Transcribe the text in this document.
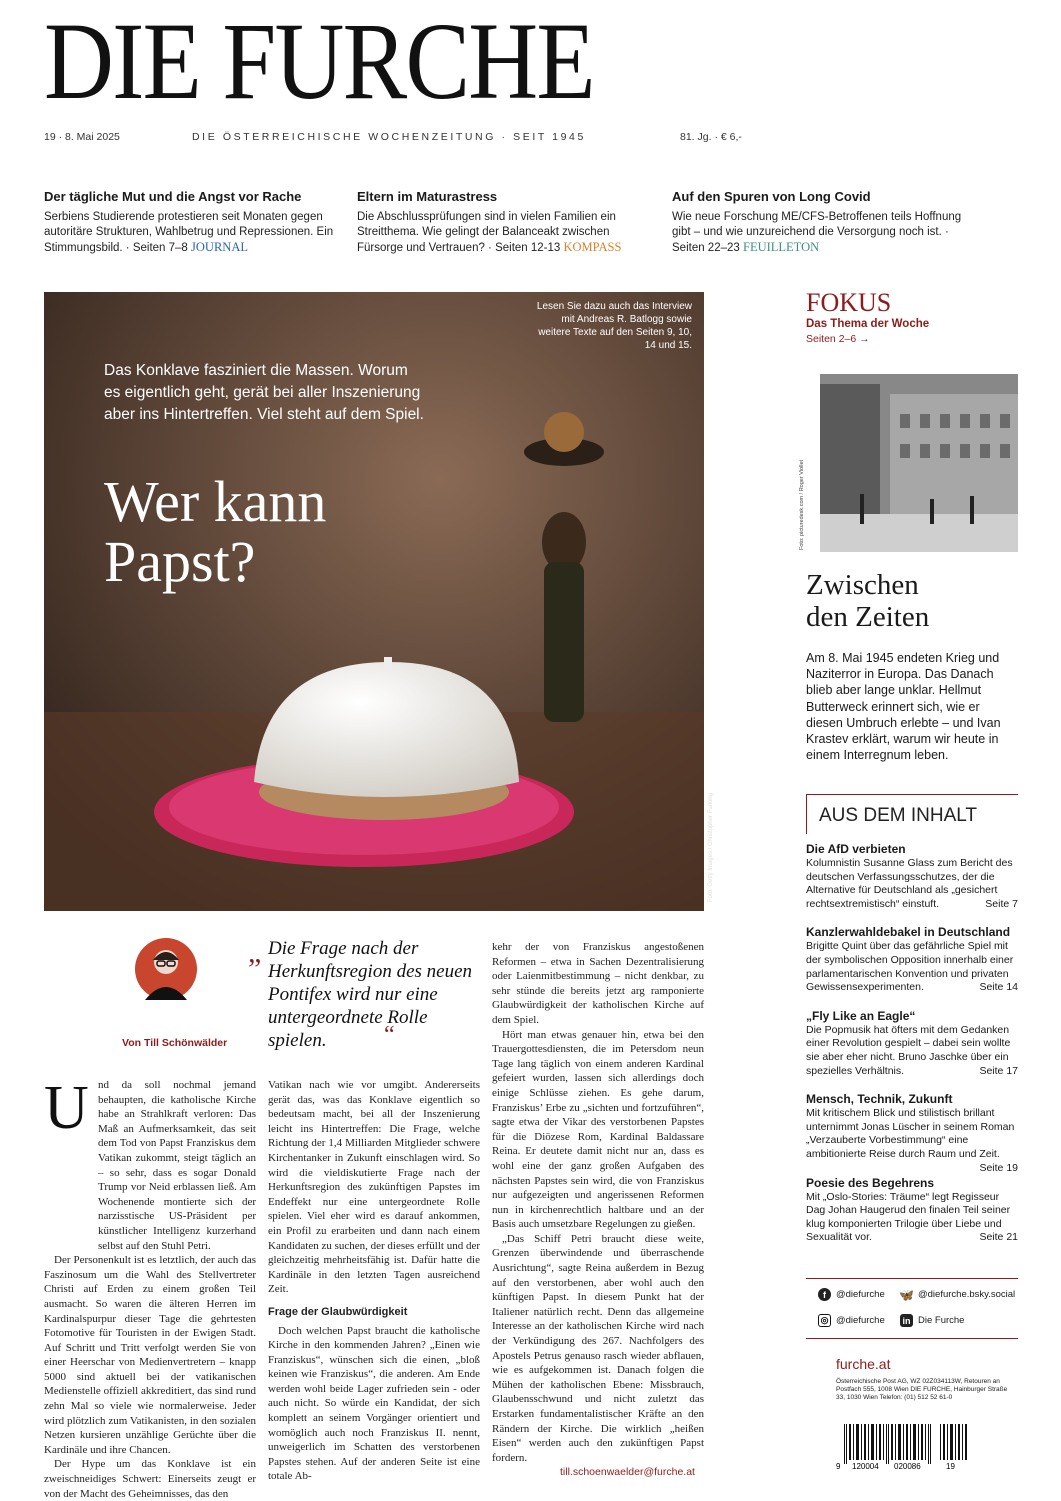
DIE FURCHE
19 · 8. Mai 2025	DIE ÖSTERREICHISCHE WOCHENZEITUNG · SEIT 1945	81. Jg. · € 6,-
Der tägliche Mut und die Angst vor Rache

Serbiens Studierende protestieren seit Monaten gegen autoritäre Strukturen, Wahlbetrug und Repressionen. Ein Stimmungsbild. · Seiten 7–8 JOURNAL

Eltern im Maturastress

Die Abschlussprüfungen sind in vielen Familien ein Streitthema. Wie gelingt der Balanceakt zwischen Fürsorge und Vertrauen? · Seiten 12-13 KOMPASS

Auf den Spuren von Long Covid

Wie neue Forschung ME/CFS-Betroffenen teils Hoffnung gibt – und wie unzureichend die Versorgung noch ist. · Seiten 22–23 FEUILLETON

Lesen Sie dazu auch das Interview mit Andreas R. Batlogg sowie weitere Texte auf den Seiten 9, 10, 14 und 15.
Das Konklave fasziniert die Massen. Worum es eigentlich geht, gerät bei aller Inszenierung aber ins Hintertreffen. Viel steht auf dem Spiel.
Wer kann
Papst?
Foto: Getty Images / Christopher Furlong
Von Till Schönwälder
„ Die Frage nach der Herkunftsregion des neuen Pontifex wird nur eine untergeordnete Rolle spielen.	“
U nd da soll nochmal jemand behaupten, die katholische Kirche habe an Strahlkraft verloren: Das Maß an Aufmerksamkeit, das seit dem Tod von Papst Franziskus dem Vatikan zukommt, steigt täglich an – so sehr, dass es sogar Donald Trump vor Neid erblassen ließ. Am Wochenende montierte sich der narzisstische US-Präsident per künstlicher Intelligenz kurzerhand selbst auf den Stuhl Petri.

Der Personenkult ist es letztlich, der auch das Faszinosum um die Wahl des Stellvertreter Christi auf Erden zu einem großen Teil ausmacht. So waren die älteren Herren im Kardinalspurpur dieser Tage die gehrtesten Fotomotive für Touristen in der Ewigen Stadt. Auf Schritt und Tritt verfolgt werden Sie von einer Heerschar von Medienvertretern – knapp 5000 sind aktuell bei der vatikanischen Medienstelle offiziell akkreditiert, das sind rund zehn Mal so viele wie normalerweise. Jeder wird plötzlich zum Vatikanisten, in den sozialen Netzen kursieren unzählige Gerüchte über die Kardinäle und ihre Chancen.

Der Hype um das Konklave ist ein zweischneidiges Schwert: Einerseits zeugt er von der Macht des Geheimnisses, das den

Vatikan nach wie vor umgibt. Andererseits gerät das, was das Konklave eigentlich so bedeutsam macht, bei all der Inszenierung leicht ins Hintertreffen: Die Frage, welche Richtung der 1,4 Milliarden Mitglieder schwere Kirchentanker in Zukunft einschlagen wird. So wird die vieldiskutierte Frage nach der Herkunftsregion des zukünftigen Papstes im Endeffekt nur eine untergeordnete Rolle spielen. Viel eher wird es darauf ankommen, ein Profil zu erarbeiten und dann nach einem Kandidaten zu suchen, der dieses erfüllt und der gleichzeitig mehrheitsfähig ist. Dafür hatte die Kardinäle in den letzten Tagen ausreichend Zeit.

Frage der Glaubwürdigkeit

Doch welchen Papst braucht die katholische Kirche in den kommenden Jahren? „Einen wie Franziskus“, wünschen sich die einen, „bloß keinen wie Franziskus“, die anderen. Am Ende werden wohl beide Lager zufrieden sein - oder auch nicht. So würde ein Kandidat, der sich komplett an seinem Vorgänger orientiert und womöglich auch noch Franziskus II. nennt, unweigerlich im Schatten des verstorbenen Papstes stehen. Auf der anderen Seite ist eine totale Ab-

kehr der von Franziskus angestoßenen Reformen – etwa in Sachen Dezentralisierung oder Laienmitbestimmung – nicht denkbar, zu sehr stünde die bereits jetzt arg ramponierte Glaubwürdigkeit der katholischen Kirche auf dem Spiel.

Hört man etwas genauer hin, etwa bei den Trauergottesdiensten, die im Petersdom neun Tage lang täglich von einem anderen Kardinal gefeiert wurden, lassen sich allerdings doch einige Schlüsse ziehen. Es gehe darum, Franziskus’ Erbe zu „sichten und fortzuführen“, sagte etwa der Vikar des verstorbenen Papstes für die Diözese Rom, Kardinal Baldassare Reina. Er deutete damit nicht nur an, dass es wohl eine der ganz großen Aufgaben des nächsten Papstes sein wird, die von Franziskus nur aufgezeigten und angerissenen Reformen nun in kirchenrechtlich haltbare und an der Basis auch umsetzbare Regelungen zu gießen.

„Das Schiff Petri braucht diese weite, Grenzen überwindende und überraschende Ausrichtung“, sagte Reina außerdem in Bezug auf den verstorbenen, aber wohl auch den künftigen Papst. In diesem Punkt hat der Italiener natürlich recht. Denn das allgemeine Interesse an der katholischen Kirche wird nach der Verkündigung des 267. Nachfolgers des Apostels Petrus genauso rasch wieder abflauen, wie es aufgekommen ist. Danach folgen die Mühen der katholischen Ebene: Missbrauch, Glaubensschwund und nicht zuletzt das Erstarken fundamentalistischer Kräfte an den Rändern der Kirche. Die wirklich „heißen Eisen“ werden auch den zukünftigen Papst fordern.

till.schoenwaelder@furche.at
FOKUS
Das Thema der Woche
Seiten 2–6 →
Foto: picturedesk.com / Roger Viollet
Zwischen
den Zeiten
Am 8. Mai 1945 endeten Krieg und Naziterror in Europa. Das Danach blieb aber lange unklar. Hellmut Butterweck erinnert sich, wie er diesen Umbruch erlebte – und Ivan Krastev erklärt, warum wir heute in einem Interregnum leben.
AUS DEM INHALT
Die AfD verbieten

Kolumnistin Susanne Glass zum Bericht des deutschen Verfassungsschutzes, der die Alternative für Deutschland als „gesichert rechtsextremistisch“ einstuft.	Seite 7

Kanzlerwahldebakel in Deutschland

Brigitte Quint über das gefährliche Spiel mit der symbolischen Opposition innerhalb einer parlamentarischen Konvention und privaten Gewissensexperimenten.	Seite 14

„Fly Like an Eagle“

Die Popmusik hat öfters mit dem Gedanken einer Revolution gespielt – dabei sein wollte sie aber eher nicht. Bruno Jaschke über ein spezielles Verhältnis.	Seite 17

Mensch, Technik, Zukunft

Mit kritischem Blick und stilistisch brillant unternimmt Jonas Lüscher in seinem Roman „Verzauberte Vorbestimmung“ eine ambitionierte Reise durch Raum und Zeit.
Seite 19

Poesie des Begehrens

Mit „Oslo-Stories: Träume“ legt Regisseur Dag Johan Haugerud den finalen Teil seiner klug komponierten Trilogie über Liebe und Sexualität vor.	Seite 21

f	@diefurche 🦋 @diefurche.bsky.social
◎ @diefurche in Die Furche
furche.at
Österreichische Post AG, WZ 02Z034113W, Retouren an Postfach 555, 1008 Wien DIE FURCHE, Hainburger Straße 33, 1030 Wien Telefon: (01) 512 52 61-0
9 120004 020086	19
